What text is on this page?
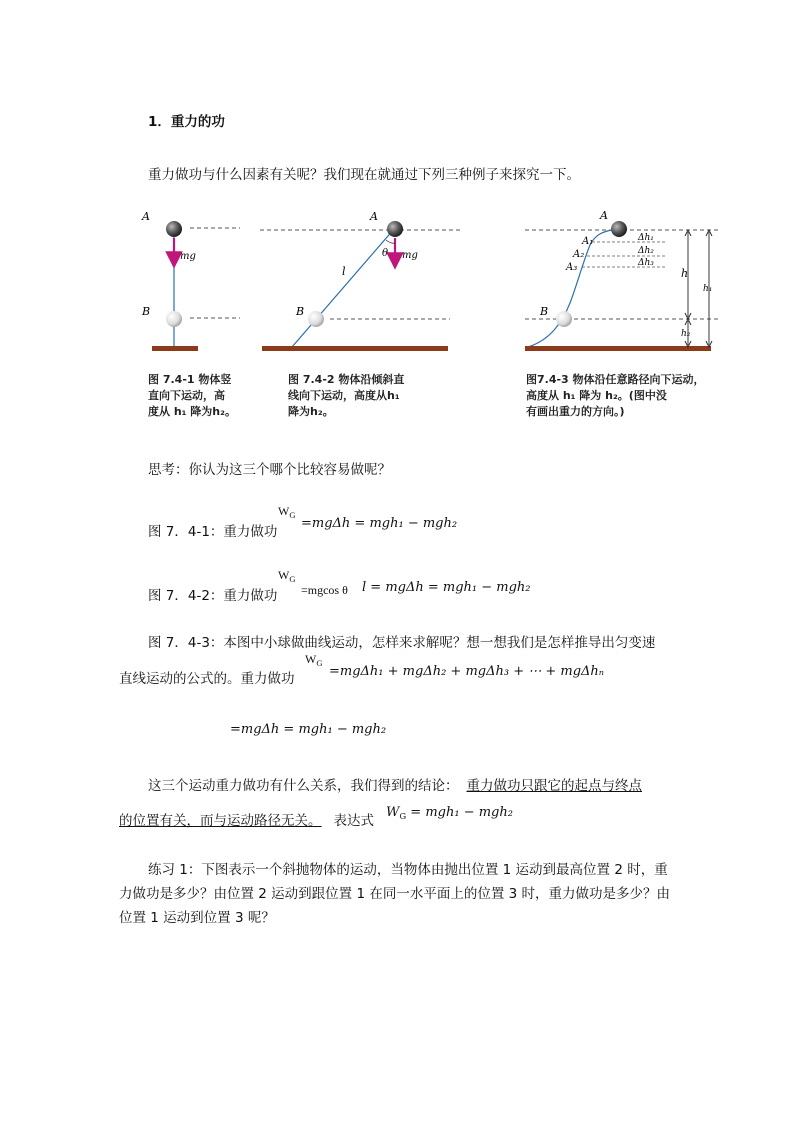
1．重力的功
重力做功与什么因素有关呢？我们现在就通过下列三种例子来探究一下。
A
B
mg
A
B
mg
θ
l
A
A₁
A₂
A₃
Δh₁
Δh₂
Δh₃
B
h
h₁
h₂
图 7.4-1 物体竖
直向下运动，高
度从 h₁ 降为h₂。
图 7.4-2 物体沿倾斜直
线向下运动，高度从h₁
降为h₂。
图7.4-3 物体沿任意路径向下运动，
高度从 h₁ 降为 h₂。(图中没
有画出重力的方向。)
思考：你认为这三个哪个比较容易做呢？
图 7．4-1：重力做功
$W_G$
=mgΔh = mgh₁ − mgh₂
图 7．4-2：重力做功
$W_G$
=mgcos θ l = mgΔh = mgh₁ − mgh₂
图 7．4-3：本图中小球做曲线运动，怎样来求解呢？想一想我们是怎样推导出匀变速
直线运动的公式的。重力做功
$W_G$
=mgΔh₁ + mgΔh₂ + mgΔh₃ + ⋯ + mgΔhₙ
=mgΔh = mgh₁ − mgh₂
这三个运动重力做功有什么关系，我们得到的结论： 重力做功只跟它的起点与终点
的位置有关，而与运动路径无关。 表达式
$W_G = mgh_1 - mgh_2$
练习 1：下图表示一个斜抛物体的运动，当物体由抛出位置 1 运动到最高位置 2 时，重
力做功是多少？由位置 2 运动到跟位置 1 在同一水平面上的位置 3 时，重力做功是多少？由
位置 1 运动到位置 3 呢？
